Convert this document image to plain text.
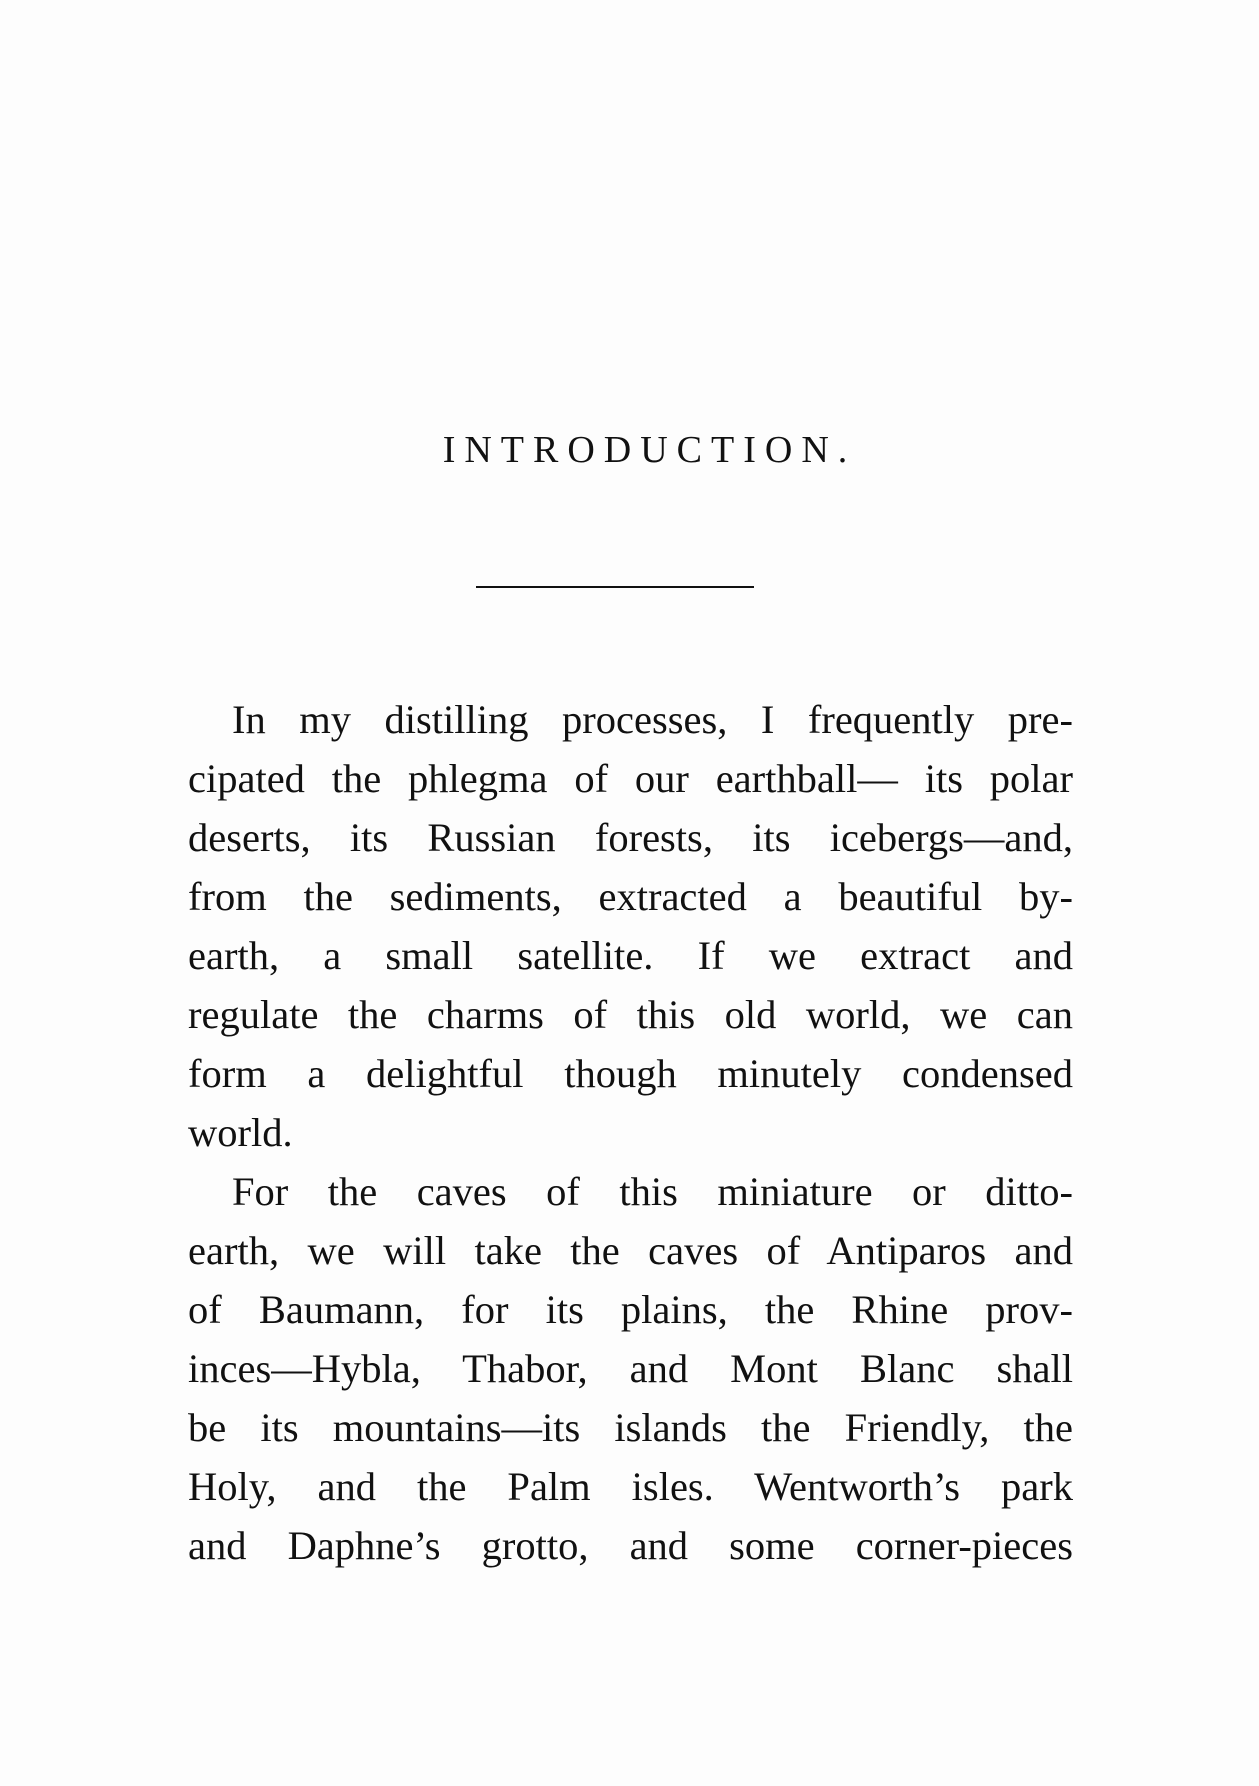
INTRODUCTION.

In my distilling processes, I frequently pre-
cipated the phlegma of our earthball— its polar
deserts, its Russian forests, its icebergs—and,
from the sediments, extracted a beautiful by-
earth, a small satellite. If we extract and
regulate the charms of this old world, we can
form a delightful though minutely condensed
world.

For the caves of this miniature or ditto-
earth, we will take the caves of Antiparos and
of Baumann, for its plains, the Rhine prov-
inces—Hybla, Thabor, and Mont Blanc shall
be its mountains—its islands the Friendly, the
Holy, and the Palm isles. Wentworth’s park
and Daphne’s grotto, and some corner-pieces
